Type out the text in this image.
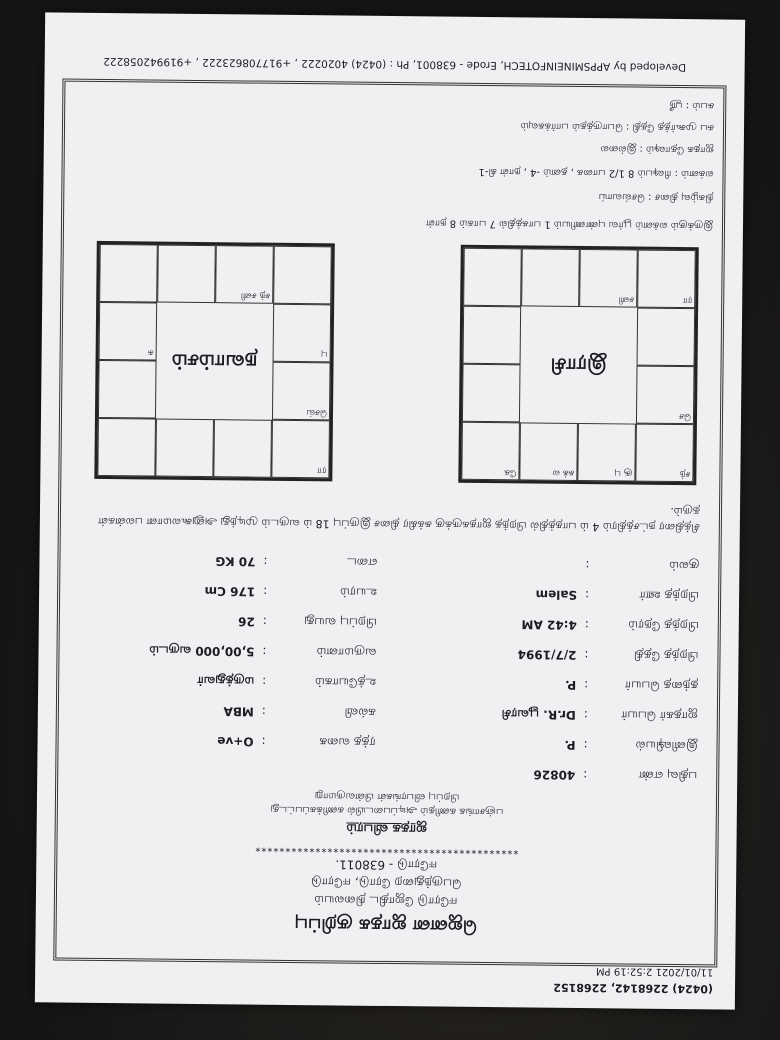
(0424) 2268142, 2268152
11/01/2021 2:52:19 PM
ஜெனன ஜாதக குறிப்பு
ஈரோடு ஜோதிட நிலையம்
பெருந்துறை ரோடு, ஈரோடு
ஈரோடு - 638011.
********************************************
ஜாதக விபரம்
பஞ்சாங்க கணிதம் அடிப்படையில் கணிக்கப்பட்டது
பிறப்பு விபரங்கள் பின்வருமாறு
பதிவு எண்:40826
இனிஷியல்:P.ரத்த வகை:O+ve
ஜாதகர் பெயர்:Dr.R. பூவரசிகல்வி:MBA
தந்தை பெயர்:P.உத்யோகம்:மருத்துவர்
பிறந்த தேதி:2/7/1994வருமானம்:5,00,000 வருடம்
பிறந்த நேரம்:4:42 AMபிறப்பு வயது:26
பிறந்த ஊர்:Salemஉயரம்:176 Cm
குலம்:எடை:70 KG
சித்திரை நட்சத்திரம் 4 ம் பாதத்தில் பிறந்த ஜாதகருக்கு சுக்கிர திசை இருப்பு 18 ம் வருடம் முடிந்து அனுகூலமான பலன்கள் தரும்.
இராசி
சந்
சூ பு
சுக் ல
கே
சனி	ரா
செ
நவாம்சம்
ரா
சு
சந் சனி
பு
செவ்
இருக்கும் லக்னம் பூர்வ புண்ணியம் 1 பாகத்தில் 7 பாகம் 8 நாள்
நிகழ்வு திசை : செவ்வாய்
லக்னம் : ரிஷபம் 8 1/2 பாகை , தனம் -4 , நாள் கி-1
ஜாதக தோஷம் : இல்லை
சுப முகூர்த்த தேதி : பொருத்தம் பார்க்கவும்
சுபம் : ஸ்ரீ
Developed by APPSMINEINFOTECH, Erode - 638001, Ph : (0424) 4020222 , +917708623222 , +919942058222
